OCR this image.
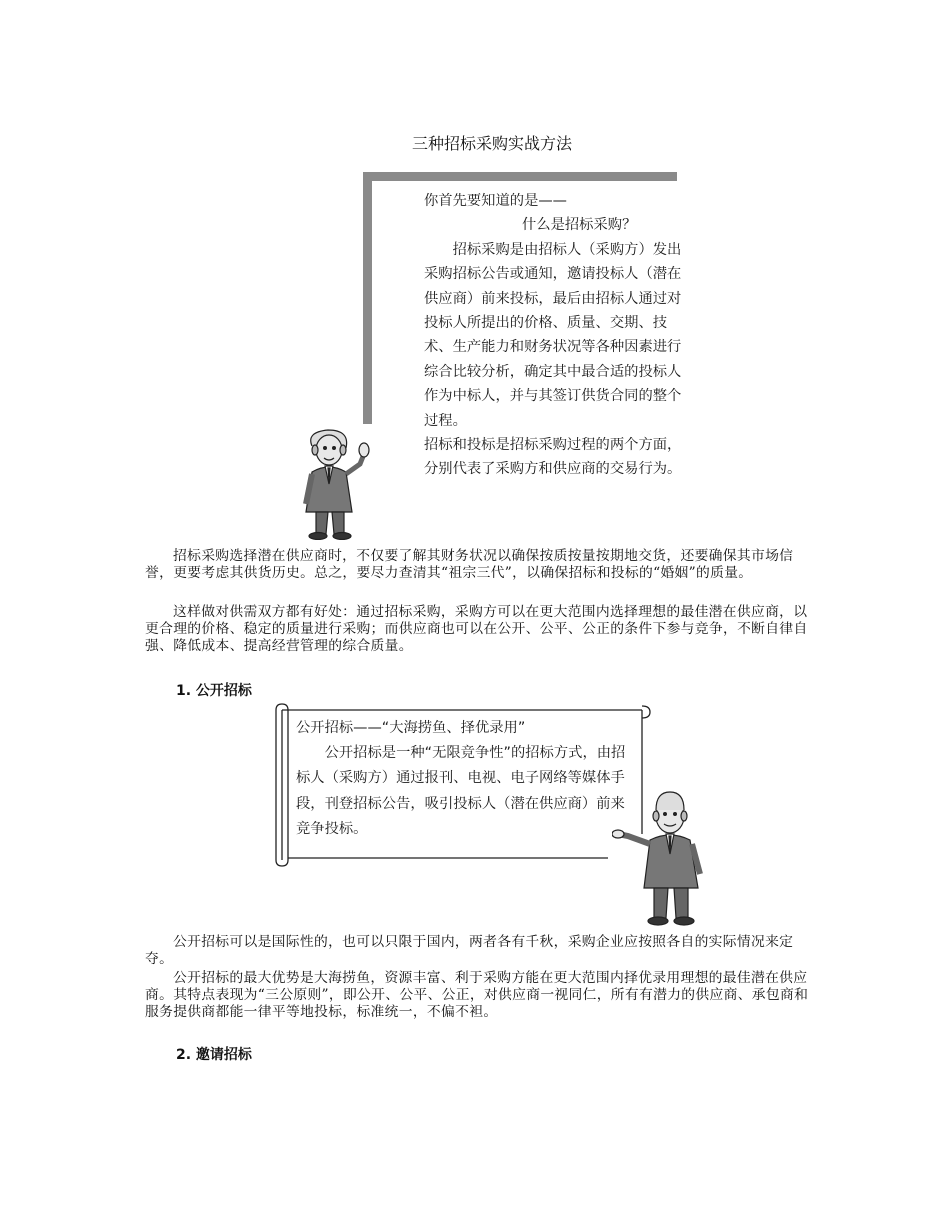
三种招标采购实战方法

你首先要知道的是——

什么是招标采购？

招标采购是由招标人（采购方）发出采购招标公告或通知，邀请投标人（潜在供应商）前来投标，最后由招标人通过对投标人所提出的价格、质量、交期、技术、生产能力和财务状况等各种因素进行综合比较分析，确定其中最合适的投标人作为中标人，并与其签订供货合同的整个过程。

招标和投标是招标采购过程的两个方面，分别代表了采购方和供应商的交易行为。

招标采购选择潜在供应商时，不仅要了解其财务状况以确保按质按量按期地交货，还要确保其市场信誉，更要考虑其供货历史。总之，要尽力查清其“祖宗三代”，以确保招标和投标的“婚姻”的质量。

这样做对供需双方都有好处：通过招标采购，采购方可以在更大范围内选择理想的最佳潜在供应商，以更合理的价格、稳定的质量进行采购；而供应商也可以在公开、公平、公正的条件下参与竞争，不断自律自强、降低成本、提高经营管理的综合质量。

1. 公开招标

公开招标——“大海捞鱼、择优录用”

公开招标是一种“无限竞争性”的招标方式，由招标人（采购方）通过报刊、电视、电子网络等媒体手段，刊登招标公告，吸引投标人（潜在供应商）前来竞争投标。

公开招标可以是国际性的，也可以只限于国内，两者各有千秋，采购企业应按照各自的实际情况来定夺。

公开招标的最大优势是大海捞鱼，资源丰富、利于采购方能在更大范围内择优录用理想的最佳潜在供应商。其特点表现为“三公原则”，即公开、公平、公正，对供应商一视同仁，所有有潜力的供应商、承包商和服务提供商都能一律平等地投标，标准统一，不偏不袒。

2. 邀请招标
